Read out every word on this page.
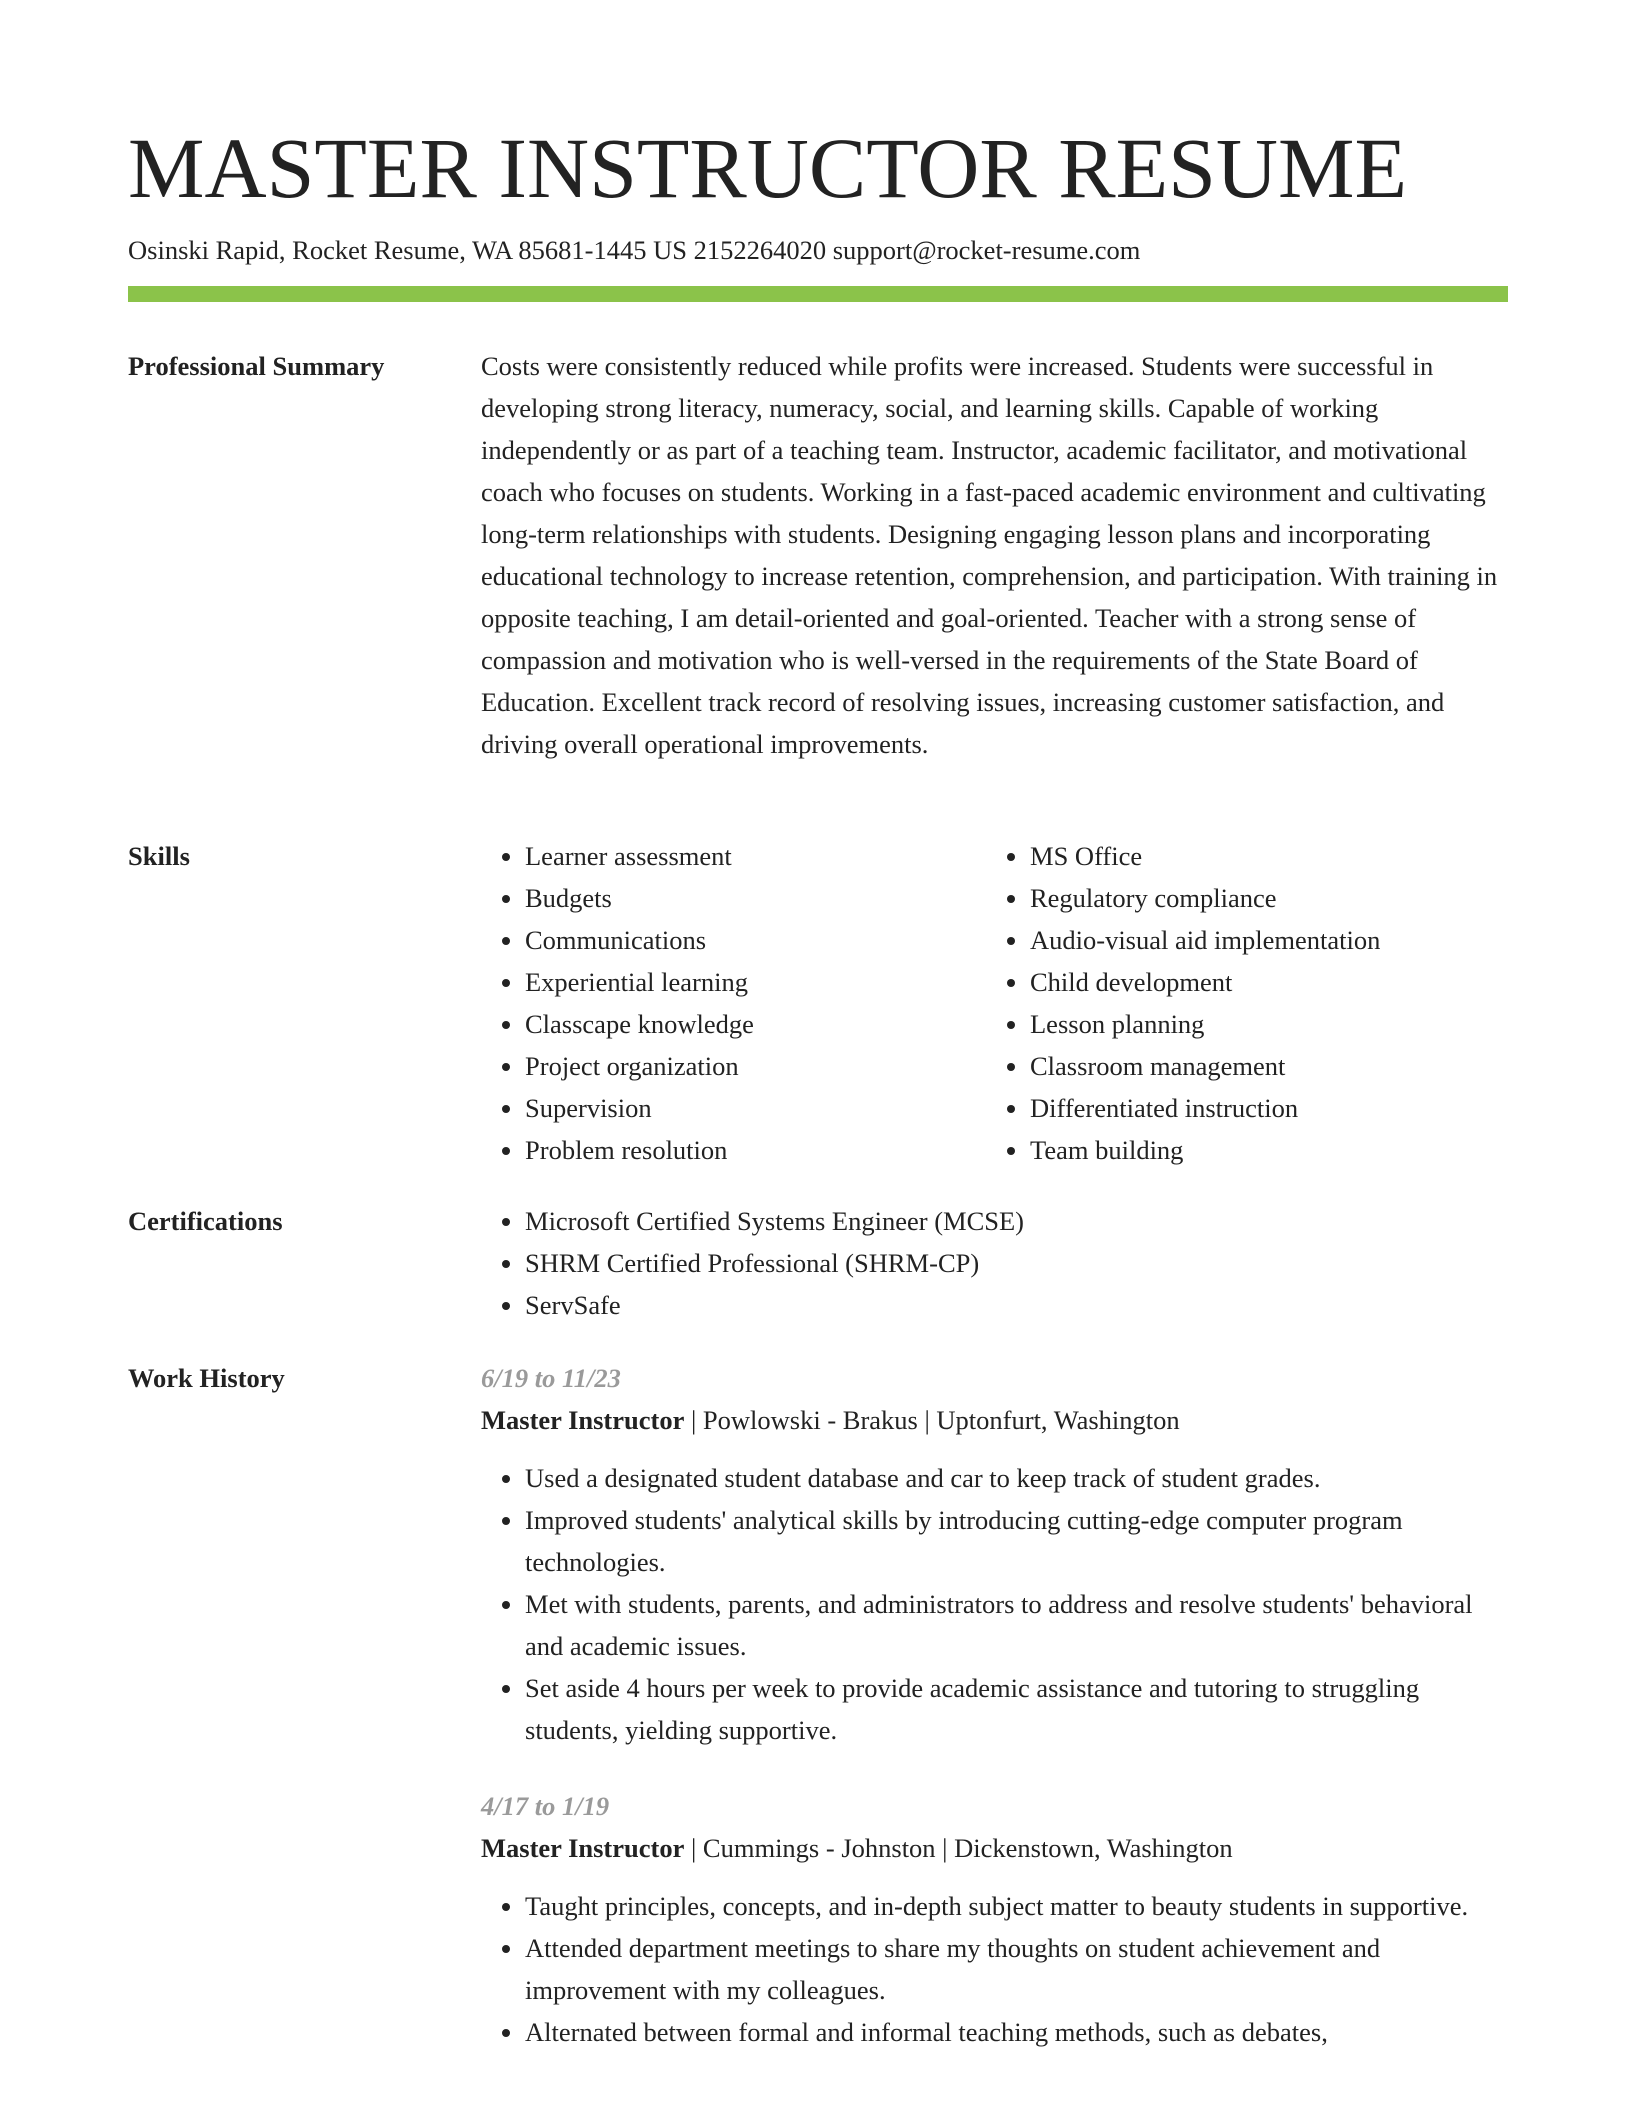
MASTER INSTRUCTOR RESUME
Osinski Rapid, Rocket Resume, WA 85681-1445 US 2152264020 support@rocket-resume.com
Professional Summary	Costs were consistently reduced while profits were increased. Students were successful in developing strong literacy, numeracy, social, and learning skills. Capable of working independently or as part of a teaching team. Instructor, academic facilitator, and motivational coach who focuses on students. Working in a fast-paced academic environment and cultivating long-term relationships with students. Designing engaging lesson plans and incorporating educational technology to increase retention, comprehension, and participation. With training in opposite teaching, I am detail-oriented and goal-oriented. Teacher with a strong sense of compassion and motivation who is well-versed in the requirements of the State Board of Education. Excellent track record of resolving issues, increasing customer satisfaction, and driving overall operational improvements.

Skills	• Learner assessment
• Budgets
• Communications
• Experiential learning
• Classcape knowledge
• Project organization
• Supervision
• Problem resolution
• MS Office
• Regulatory compliance
• Audio-visual aid implementation
• Child development
• Lesson planning
• Classroom management
• Differentiated instruction
• Team building
Certifications	• Microsoft Certified Systems Engineer (MCSE)
• SHRM Certified Professional (SHRM-CP)
• ServSafe
Work History	6/19 to 11/23
Master Instructor | Powlowski - Brakus | Uptonfurt, Washington
• Used a designated student database and car to keep track of student grades.
• Improved students' analytical skills by introducing cutting-edge computer program technologies.
• Met with students, parents, and administrators to address and resolve students' behavioral and academic issues.
• Set aside 4 hours per week to provide academic assistance and tutoring to struggling students, yielding supportive.
4/17 to 1/19
Master Instructor | Cummings - Johnston | Dickenstown, Washington
• Taught principles, concepts, and in-depth subject matter to beauty students in supportive.
• Attended department meetings to share my thoughts on student achievement and improvement with my colleagues.
• Alternated between formal and informal teaching methods, such as debates,
